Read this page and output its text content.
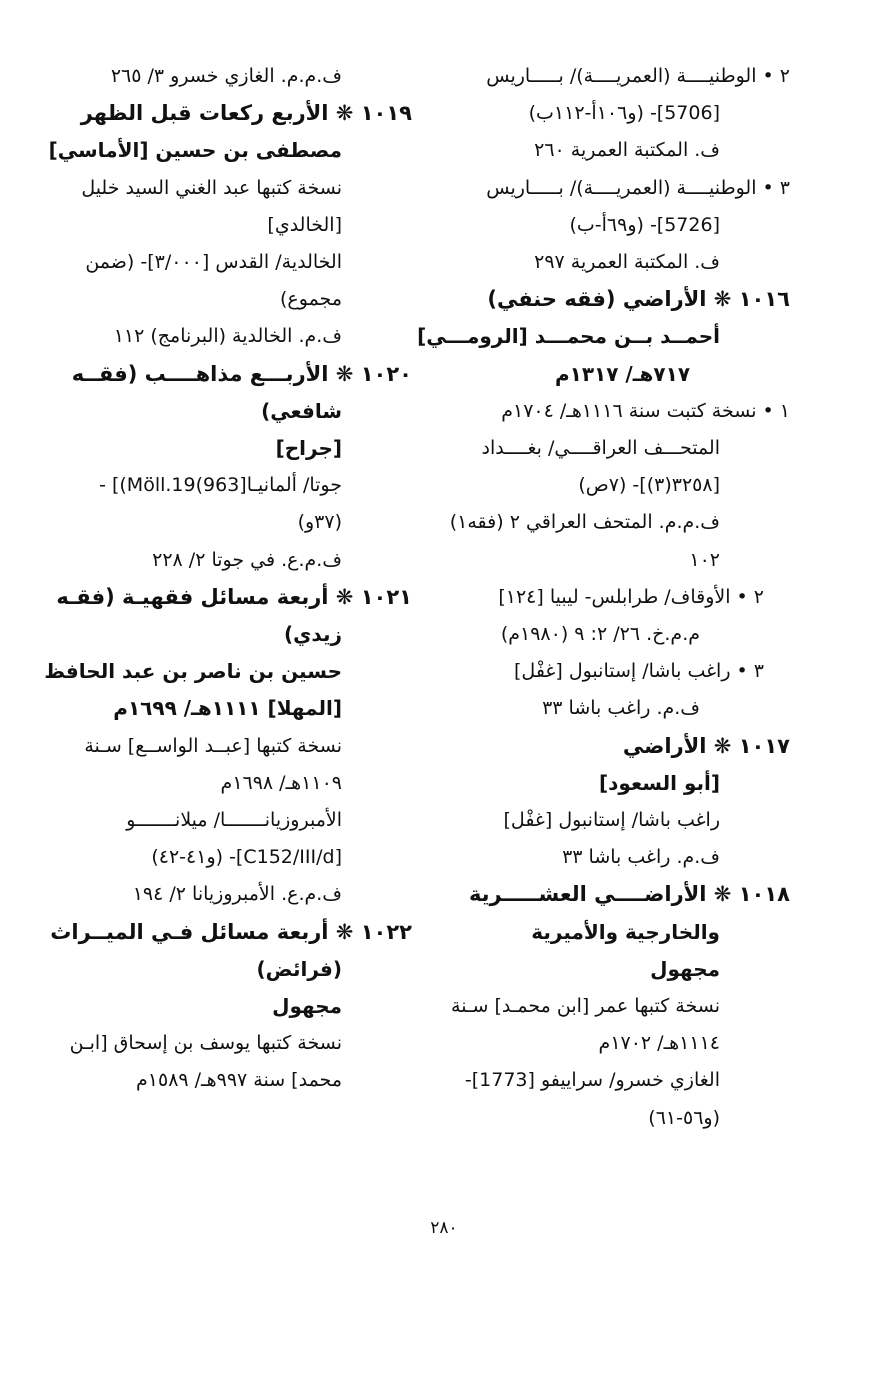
٢ • الوطنيــــة (العمريــــة)/ بـــــاريس
[5706]- (و١٠٦أ-١١٢ب)
ف. المكتبة العمرية ٢٦٠
٣ • الوطنيــــة (العمريــــة)/ بـــــاريس
[5726]- (و٦٩أ-ب)
ف. المكتبة العمرية ٢٩٧
١٠١٦ ❋ الأراضي (فقه حنفي)
أحمــد بــن محمـــد [الرومـــي]
٧١٧هـ/ ١٣١٧م
١ • نسخة كتبت سنة ١١١٦هـ/ ١٧٠٤م
المتحـــف العراقــــي/ بغــــداد
[٣٢٥٨(٣)]- (٧ص)
ف.م.م. المتحف العراقي ٢ (فقه١)
١٠٢
٢ • الأوقاف/ طرابلس- ليبيا [١٢٤]
م.م.خ. ٢٦/ ٢: ٩ (١٩٨٠م)
٣ • راغب باشا/ إستانبول [غفْل]
ف.م. راغب باشا ٣٣
١٠١٧ ❋ الأراضي
[أبو السعود]
راغب باشا/ إستانبول [غفْل]
ف.م. راغب باشا ٣٣
١٠١٨ ❋ الأراضــــي العشـــــرية
والخارجية والأميرية
مجهول
نسخة كتبها عمر [ابن محمـد] سـنة
١١١٤هـ/ ١٧٠٢م
الغازي خسرو/ سراييفو [1773]-
(و٥٦-٦١)
ف.م.م. الغازي خسرو ٣/ ٢٦٥
١٠١٩ ❋ الأربع ركعات قبل الظهر
مصطفى بن حسين [الأماسي]
نسخة كتبها عبد الغني السيد خليل
[الخالدي]
الخالدية/ القدس [٣/٠٠٠]- (ضمن
مجموع)
ف.م. الخالدية (البرنامج) ١١٢
١٠٢٠ ❋ الأربـــع مذاهــــب (فقــه
شافعي)
[جراح]
جوتا/ ألمانيـا[963)Möll.19)] -
(٣٧و)
ف.م.ع. في جوتا ٢/ ٢٢٨
١٠٢١ ❋ أربعة مسائل فقهيـة (فقـه
زيدي)
حسين بن ناصر بن عبد الحافظ
[المهلا] ١١١١هـ/ ١٦٩٩م
نسخة كتبها [عبــد الواســع] سـنة
١١٠٩هـ/ ١٦٩٨م
الأمبروزيانـــــــا/ ميلانـــــــو
[C152/III/d]- (و٤١-٤٢)
ف.م.ع. الأمبروزيانا ٢/ ١٩٤
١٠٢٢ ❋ أربعة مسائل فـي الميــراث
(فرائض)
مجهول
نسخة كتبها يوسف بن إسحاق [ابـن
محمد] سنة ٩٩٧هـ/ ١٥٨٩م
٢٨٠
